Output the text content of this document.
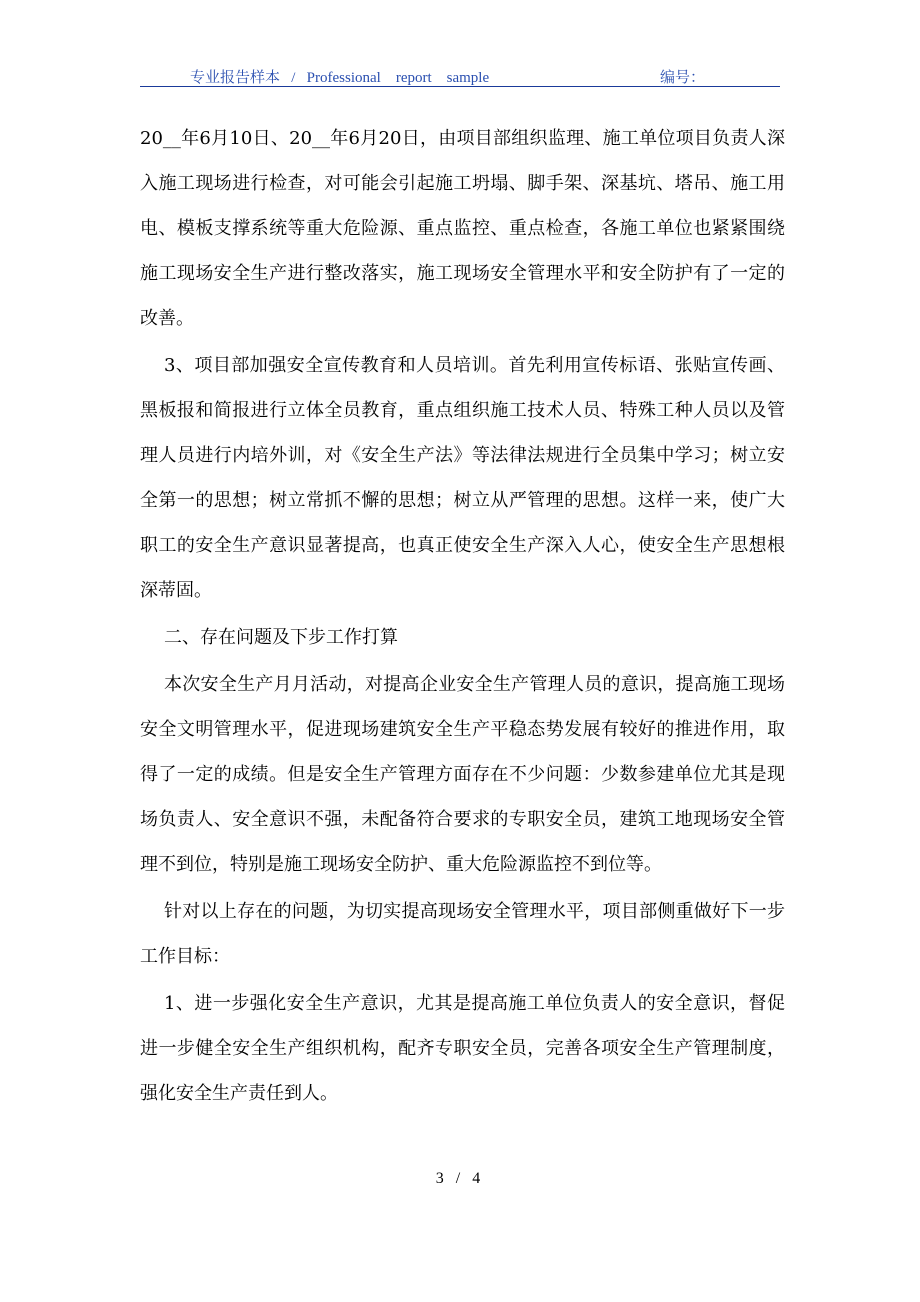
专业报告样本   /   Professional    report    sample	编号：

20__年6月10日、20__年6月20日，由项目部组织监理、施工单位项目负责人深入施工现场进行检查，对可能会引起施工坍塌、脚手架、深基坑、塔吊、施工用电、模板支撑系统等重大危险源、重点监控、重点检查，各施工单位也紧紧围绕施工现场安全生产进行整改落实，施工现场安全管理水平和安全防护有了一定的改善。

3、项目部加强安全宣传教育和人员培训。首先利用宣传标语、张贴宣传画、黑板报和简报进行立体全员教育，重点组织施工技术人员、特殊工种人员以及管理人员进行内培外训，对《安全生产法》等法律法规进行全员集中学习；树立安全第一的思想；树立常抓不懈的思想；树立从严管理的思想。这样一来，使广大职工的安全生产意识显著提高，也真正使安全生产深入人心，使安全生产思想根深蒂固。

二、存在问题及下步工作打算

本次安全生产月月活动，对提高企业安全生产管理人员的意识，提高施工现场安全文明管理水平，促进现场建筑安全生产平稳态势发展有较好的推进作用，取得了一定的成绩。但是安全生产管理方面存在不少问题：少数参建单位尤其是现场负责人、安全意识不强，未配备符合要求的专职安全员，建筑工地现场安全管理不到位，特别是施工现场安全防护、重大危险源监控不到位等。

针对以上存在的问题，为切实提高现场安全管理水平，项目部侧重做好下一步工作目标：

1、进一步强化安全生产意识，尤其是提高施工单位负责人的安全意识，督促进一步健全安全生产组织机构，配齐专职安全员，完善各项安全生产管理制度，强化安全生产责任到人。

3 / 4
